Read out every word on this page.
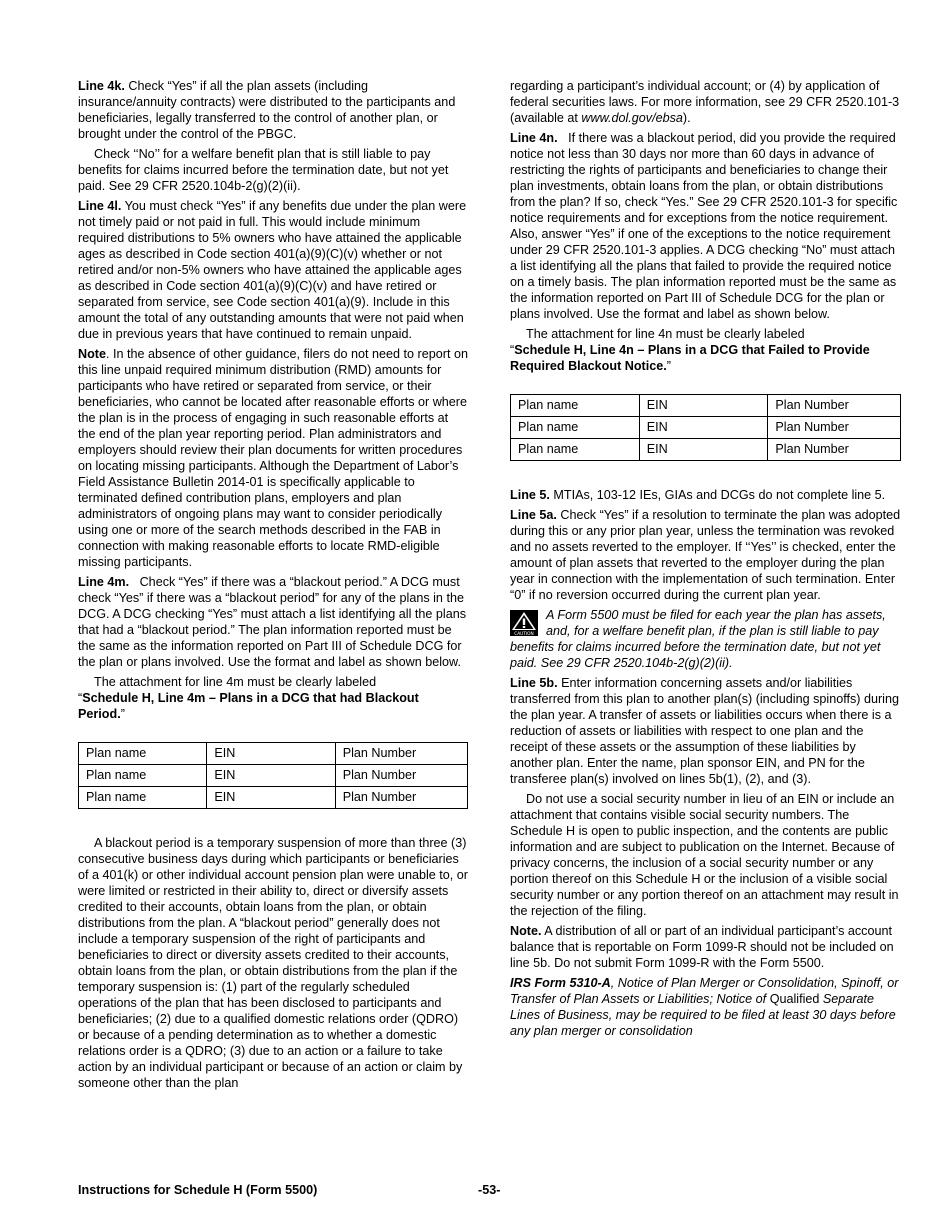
Line 4k. Check “Yes” if all the plan assets (including insurance/annuity contracts) were distributed to the participants and beneficiaries, legally transferred to the control of another plan, or brought under the control of the PBGC.

Check ‘‘No’’ for a welfare benefit plan that is still liable to pay benefits for claims incurred before the termination date, but not yet paid. See 29 CFR 2520.104b-2(g)(2)(ii).

Line 4l. You must check “Yes” if any benefits due under the plan were not timely paid or not paid in full. This would include minimum required distributions to 5% owners who have attained the applicable ages as described in Code section 401(a)(9)(C)(v) whether or not retired and/or non-5% owners who have attained the applicable ages as described in Code section 401(a)(9)(C)(v) and have retired or separated from service, see Code section 401(a)(9). Include in this amount the total of any outstanding amounts that were not paid when due in previous years that have continued to remain unpaid.

Note. In the absence of other guidance, filers do not need to report on this line unpaid required minimum distribution (RMD) amounts for participants who have retired or separated from service, or their beneficiaries, who cannot be located after reasonable efforts or where the plan is in the process of engaging in such reasonable efforts at the end of the plan year reporting period. Plan administrators and employers should review their plan documents for written procedures on locating missing participants. Although the Department of Labor’s Field Assistance Bulletin 2014-01 is specifically applicable to terminated defined contribution plans, employers and plan administrators of ongoing plans may want to consider periodically using one or more of the search methods described in the FAB in connection with making reasonable efforts to locate RMD-eligible missing participants.

Line 4m.   Check “Yes” if there was a “blackout period.” A DCG must check “Yes” if there was a “blackout period” for any of the plans in the DCG. A DCG checking “Yes” must attach a list identifying all the plans that had a “blackout period.” The plan information reported must be the same as the information reported on Part III of Schedule DCG for the plan or plans involved. Use the format and label as shown below.

The attachment for line 4m must be clearly labeled

“Schedule H, Line 4m – Plans in a DCG that had Blackout Period.”

Plan name	EIN	Plan Number
Plan name	EIN	Plan Number
Plan name	EIN	Plan Number

A blackout period is a temporary suspension of more than three (3) consecutive business days during which participants or beneficiaries of a 401(k) or other individual account pension plan were unable to, or were limited or restricted in their ability to, direct or diversify assets credited to their accounts, obtain loans from the plan, or obtain distributions from the plan. A “blackout period” generally does not include a temporary suspension of the right of participants and beneficiaries to direct or diversity assets credited to their accounts, obtain loans from the plan, or obtain distributions from the plan if the temporary suspension is: (1) part of the regularly scheduled operations of the plan that has been disclosed to participants and beneficiaries; (2) due to a qualified domestic relations order (QDRO) or because of a pending determination as to whether a domestic relations order is a QDRO; (3) due to an action or a failure to take action by an individual participant or because of an action or claim by someone other than the plan

regarding a participant’s individual account; or (4) by application of federal securities laws. For more information, see 29 CFR 2520.101-3 (available at www.dol.gov/ebsa).

Line 4n.   If there was a blackout period, did you provide the required notice not less than 30 days nor more than 60 days in advance of restricting the rights of participants and beneficiaries to change their plan investments, obtain loans from the plan, or obtain distributions from the plan? If so, check “Yes.” See 29 CFR 2520.101-3 for specific notice requirements and for exceptions from the notice requirement. Also, answer “Yes” if one of the exceptions to the notice requirement under 29 CFR 2520.101-3 applies. A DCG checking “No” must attach a list identifying all the plans that failed to provide the required notice on a timely basis. The plan information reported must be the same as the information reported on Part III of Schedule DCG for the plan or plans involved. Use the format and label as shown below.

The attachment for line 4n must be clearly labeled

“Schedule H, Line 4n – Plans in a DCG that Failed to Provide Required Blackout Notice.”

Plan name	EIN	Plan Number
Plan name	EIN	Plan Number
Plan name	EIN	Plan Number

Line 5. MTIAs, 103-12 IEs, GIAs and DCGs do not complete line 5.

Line 5a. Check “Yes” if a resolution to terminate the plan was adopted during this or any prior plan year, unless the termination was revoked and no assets reverted to the employer. If ‘‘Yes’’ is checked, enter the amount of plan assets that reverted to the employer during the plan year in connection with the implementation of such termination. Enter “0” if no reversion occurred during the current plan year.

CAUTION
A Form 5500 must be filed for each year the plan has assets, and, for a welfare benefit plan, if the plan is still liable to pay benefits for claims incurred before the termination date, but not yet paid. See 29 CFR 2520.104b-2(g)(2)(ii).

Line 5b. Enter information concerning assets and/or liabilities transferred from this plan to another plan(s) (including spinoffs) during the plan year. A transfer of assets or liabilities occurs when there is a reduction of assets or liabilities with respect to one plan and the receipt of these assets or the assumption of these liabilities by another plan. Enter the name, plan sponsor EIN, and PN for the transferee plan(s) involved on lines 5b(1), (2), and (3).

Do not use a social security number in lieu of an EIN or include an attachment that contains visible social security numbers. The Schedule H is open to public inspection, and the contents are public information and are subject to publication on the Internet. Because of privacy concerns, the inclusion of a social security number or any portion thereof on this Schedule H or the inclusion of a visible social security number or any portion thereof on an attachment may result in the rejection of the filing.

Note. A distribution of all or part of an individual participant’s account balance that is reportable on Form 1099-R should not be included on line 5b. Do not submit Form 1099-R with the Form 5500.

IRS Form 5310-A, Notice of Plan Merger or Consolidation, Spinoff, or Transfer of Plan Assets or Liabilities; Notice of Qualified Separate Lines of Business, may be required to be filed at least 30 days before any plan merger or consolidation

Instructions for Schedule H (Form 5500)	-53-
